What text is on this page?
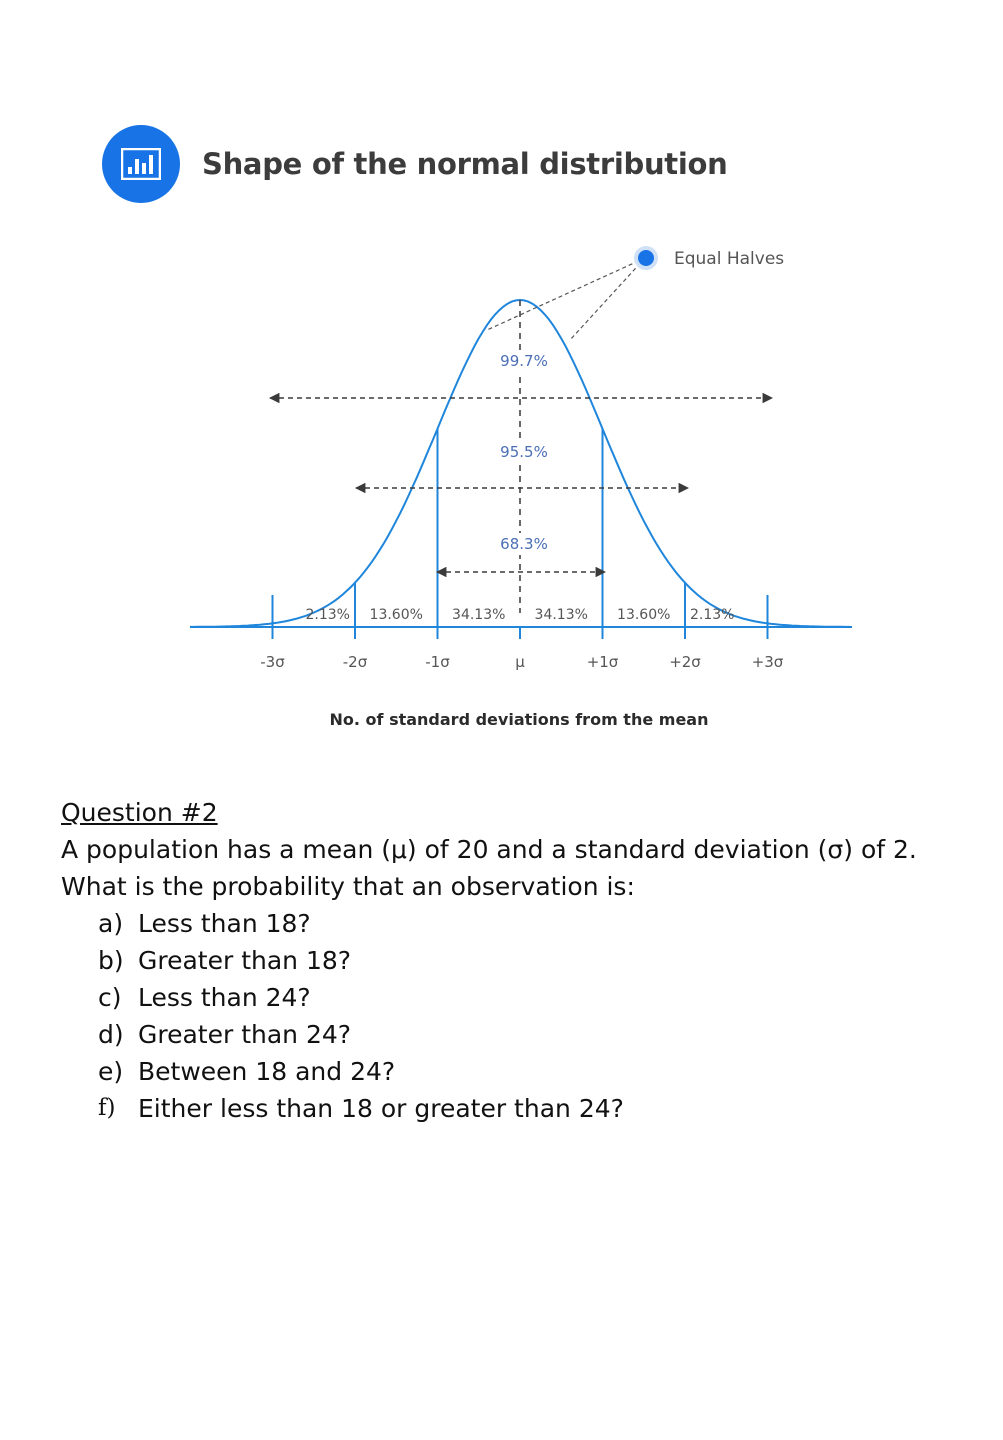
Shape of the normal distribution
-3σ	-2σ	-1σ	μ	+1σ	+2σ	+3σ
2.13% 13.60% 34.13% 34.13% 13.60% 2.13%
99.7%
95.5%
68.3%
Equal Halves
No. of standard deviations from the mean
Question #2
A population has a mean (μ) of 20 and a standard deviation (σ) of 2.
What is the probability that an observation is:
a) Less than 18?
b) Greater than 18?
c) Less than 24?
d) Greater than 24?
e) Between 18 and 24?
f) Either less than 18 or greater than 24?
